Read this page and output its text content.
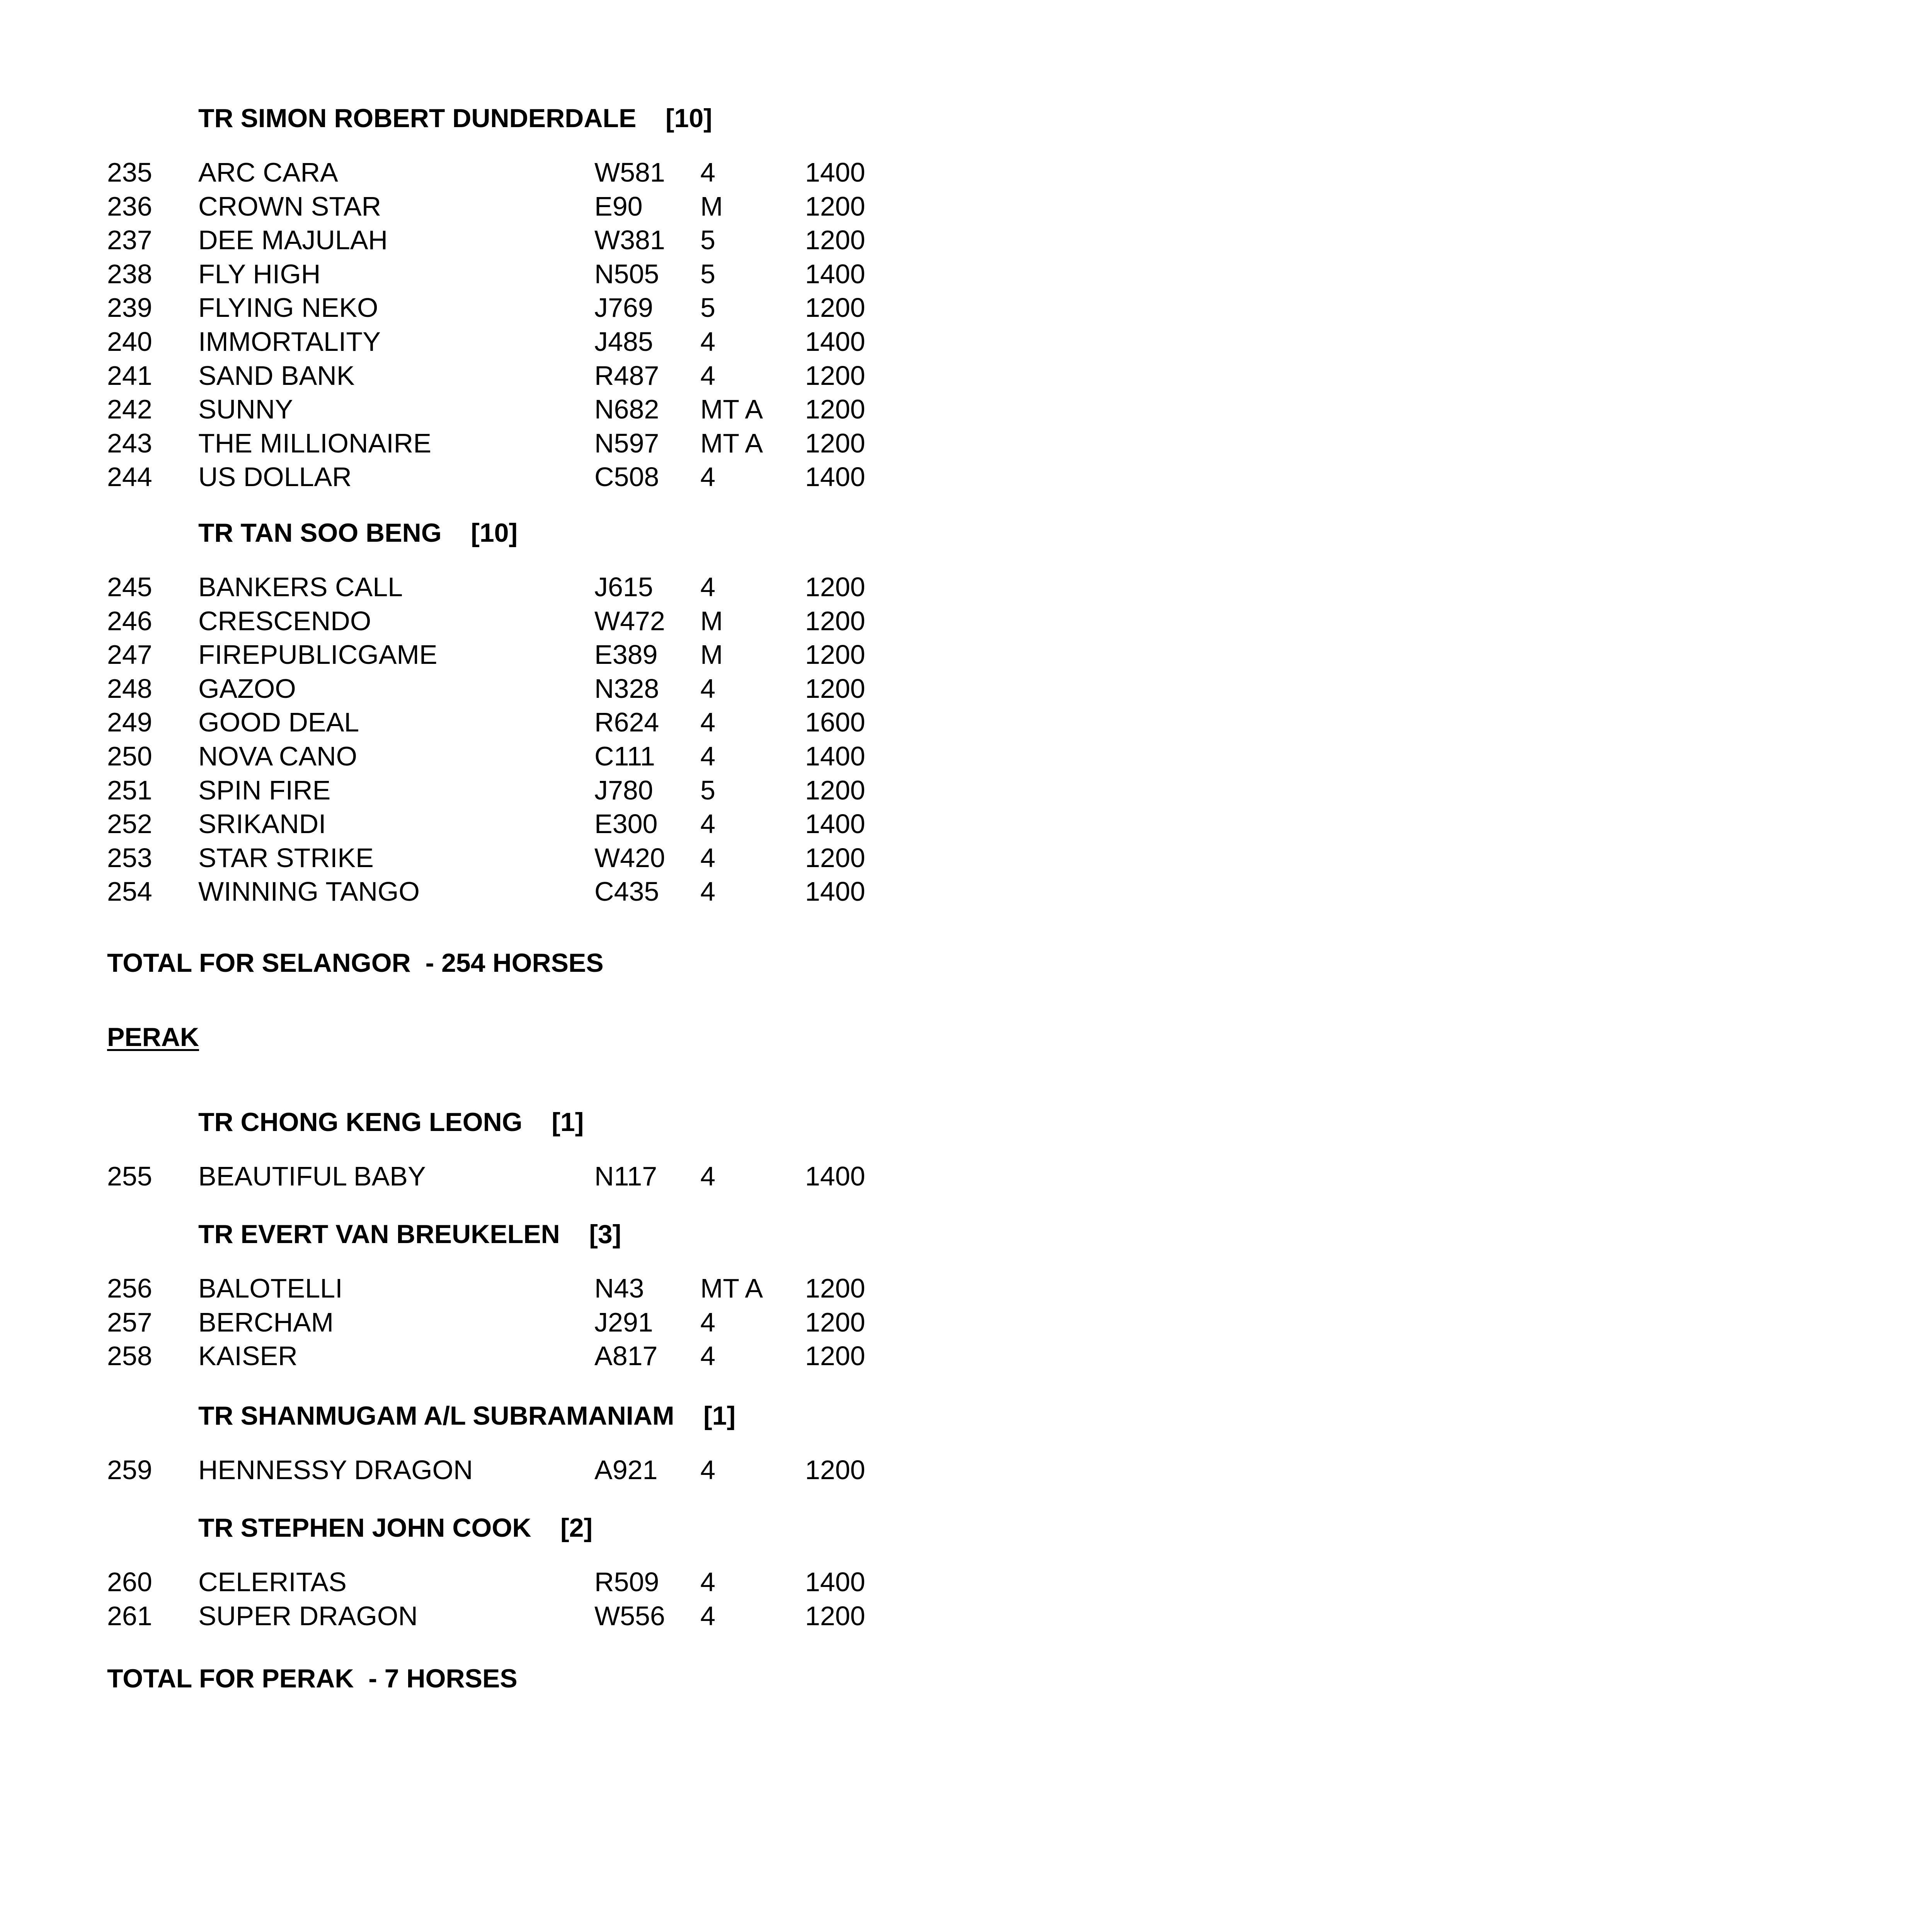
TR SIMON ROBERT DUNDERDALE    [10]
235 ARC CARA	W581 4	1400
236 CROWN STAR	E90 M	1200
237 DEE MAJULAH	W381 5	1200
238 FLY HIGH	N505 5	1400
239 FLYING NEKO	J769 5	1200
240 IMMORTALITY	J485 4	1400
241 SAND BANK	R487 4	1200
242 SUNNY	N682 MT A 1200
243 THE MILLIONAIRE	N597 MT A 1200
244 US DOLLAR	C508 4	1400
TR TAN SOO BENG    [10]
245 BANKERS CALL	J615 4	1200
246 CRESCENDO	W472 M	1200
247 FIREPUBLICGAME	E389 M	1200
248 GAZOO	N328 4	1200
249 GOOD DEAL	R624 4	1600
250 NOVA CANO	C111 4	1400
251 SPIN FIRE	J780 5	1200
252 SRIKANDI	E300 4	1400
253 STAR STRIKE	W420 4	1200
254 WINNING TANGO	C435 4	1400
TR CHONG KENG LEONG    [1]
255 BEAUTIFUL BABY	N117 4	1400
TR EVERT VAN BREUKELEN    [3]
256 BALOTELLI	N43 MT A 1200
257 BERCHAM	J291 4	1200
258 KAISER	A817 4	1200
TR SHANMUGAM A/L SUBRAMANIAM    [1]
259 HENNESSY DRAGON	A921 4	1200
TR STEPHEN JOHN COOK    [2]
260 CELERITAS	R509 4	1400
261 SUPER DRAGON	W556 4	1200
TOTAL FOR SELANGOR  - 254 HORSES
PERAK
TOTAL FOR PERAK  - 7 HORSES
